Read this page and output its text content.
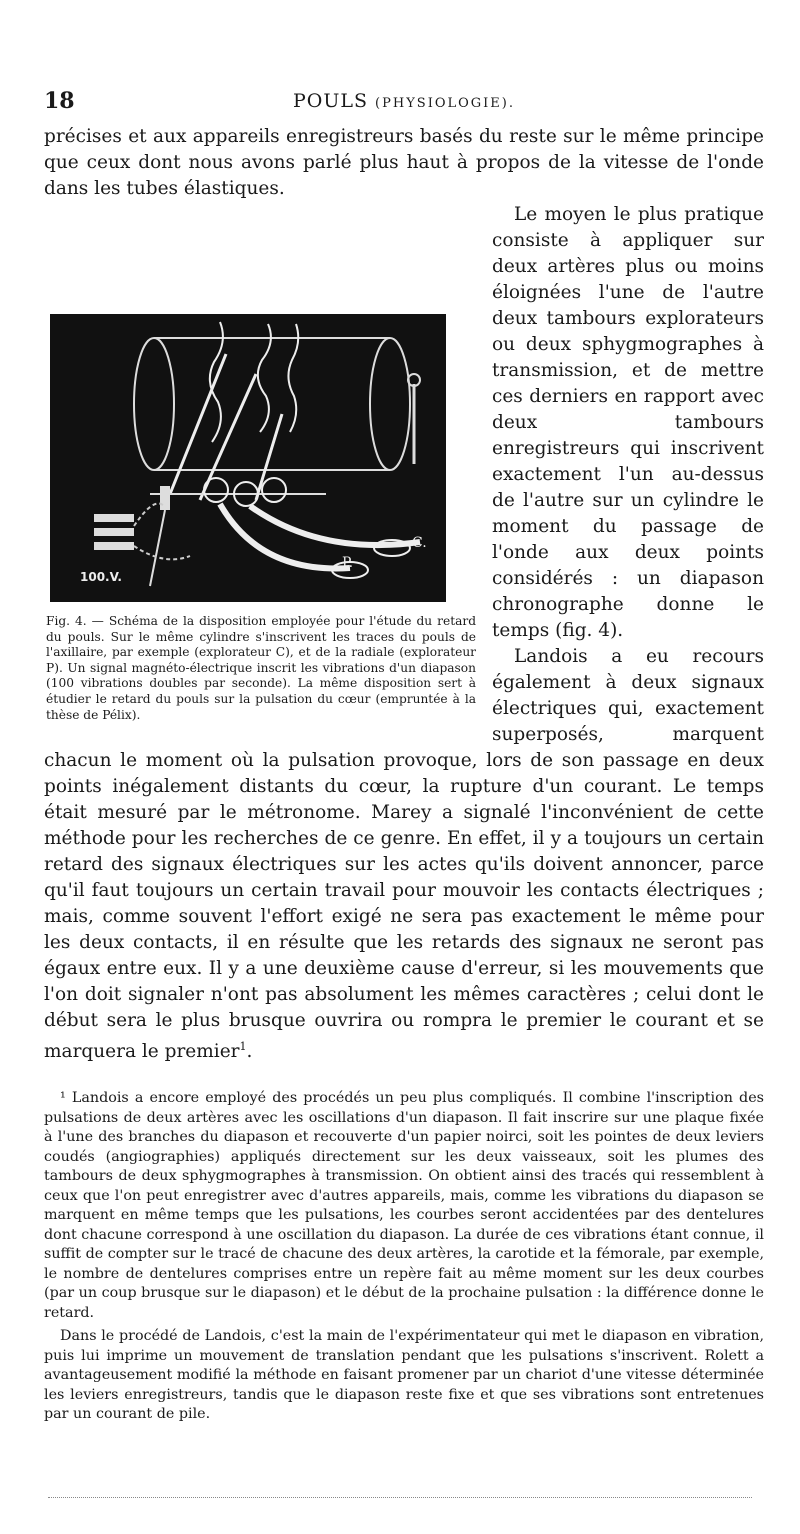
18	POULS (PHYSIOLOGIE).

précises et aux appareils enregistreurs basés du reste sur le même principe que ceux dont nous avons parlé plus haut à propos de la vitesse de l'onde dans les tubes élastiques.

100.V.
P.
C.

Fig. 4. — Schéma de la disposition employée pour l'étude du retard du pouls. Sur le même cylindre s'inscrivent les traces du pouls de l'axillaire, par exemple (explorateur C), et de la radiale (explorateur P). Un signal magnéto-électrique inscrit les vibrations d'un diapason (100 vibrations doubles par seconde). La même disposition sert à étudier le retard du pouls sur la pulsation du cœur (empruntée à la thèse de Pélix).

Le moyen le plus pratique consiste à appliquer sur deux artères plus ou moins éloignées l'une de l'autre deux tambours explorateurs ou deux sphygmographes à transmission, et de mettre ces derniers en rapport avec deux tambours enregistreurs qui inscrivent exactement l'un au-dessus de l'autre sur un cylindre le moment du passage de l'onde aux deux points considérés : un diapason chronographe donne le temps (fig. 4).

Landois a eu recours également à deux signaux électriques qui, exactement superposés, marquent chacun le moment où la pulsation provoque, lors de son passage en deux points inégalement distants du cœur, la rupture d'un courant. Le temps était mesuré par le métronome. Marey a signalé l'inconvénient de cette méthode pour les recherches de ce genre. En effet, il y a toujours un certain retard des signaux électriques sur les actes qu'ils doivent annoncer, parce qu'il faut toujours un certain travail pour mouvoir les contacts électriques ; mais, comme souvent l'effort exigé ne sera pas exactement le même pour les deux contacts, il en résulte que les retards des signaux ne seront pas égaux entre eux. Il y a une deuxième cause d'erreur, si les mouvements que l'on doit signaler n'ont pas absolument les mêmes caractères ; celui dont le début sera le plus brusque ouvrira ou rompra le premier le courant et se marquera le premier$^1$.

¹ Landois a encore employé des procédés un peu plus compliqués. Il combine l'inscription des pulsations de deux artères avec les oscillations d'un diapason. Il fait inscrire sur une plaque fixée à l'une des branches du diapason et recouverte d'un papier noirci, soit les pointes de deux leviers coudés (angiographies) appliqués directement sur les deux vaisseaux, soit les plumes des tambours de deux sphygmographes à transmission. On obtient ainsi des tracés qui ressemblent à ceux que l'on peut enregistrer avec d'autres appareils, mais, comme les vibrations du diapason se marquent en même temps que les pulsations, les courbes seront accidentées par des dentelures dont chacune correspond à une oscillation du diapason. La durée de ces vibrations étant connue, il suffit de compter sur le tracé de chacune des deux artères, la carotide et la fémorale, par exemple, le nombre de dentelures comprises entre un repère fait au même moment sur les deux courbes (par un coup brusque sur le diapason) et le début de la prochaine pulsation : la différence donne le retard.

Dans le procédé de Landois, c'est la main de l'expérimentateur qui met le diapason en vibration, puis lui imprime un mouvement de translation pendant que les pulsations s'inscrivent. Rolett a avantageusement modifié la méthode en faisant promener par un chariot d'une vitesse déterminée les leviers enregistreurs, tandis que le diapason reste fixe et que ses vibrations sont entretenues par un courant de pile.
